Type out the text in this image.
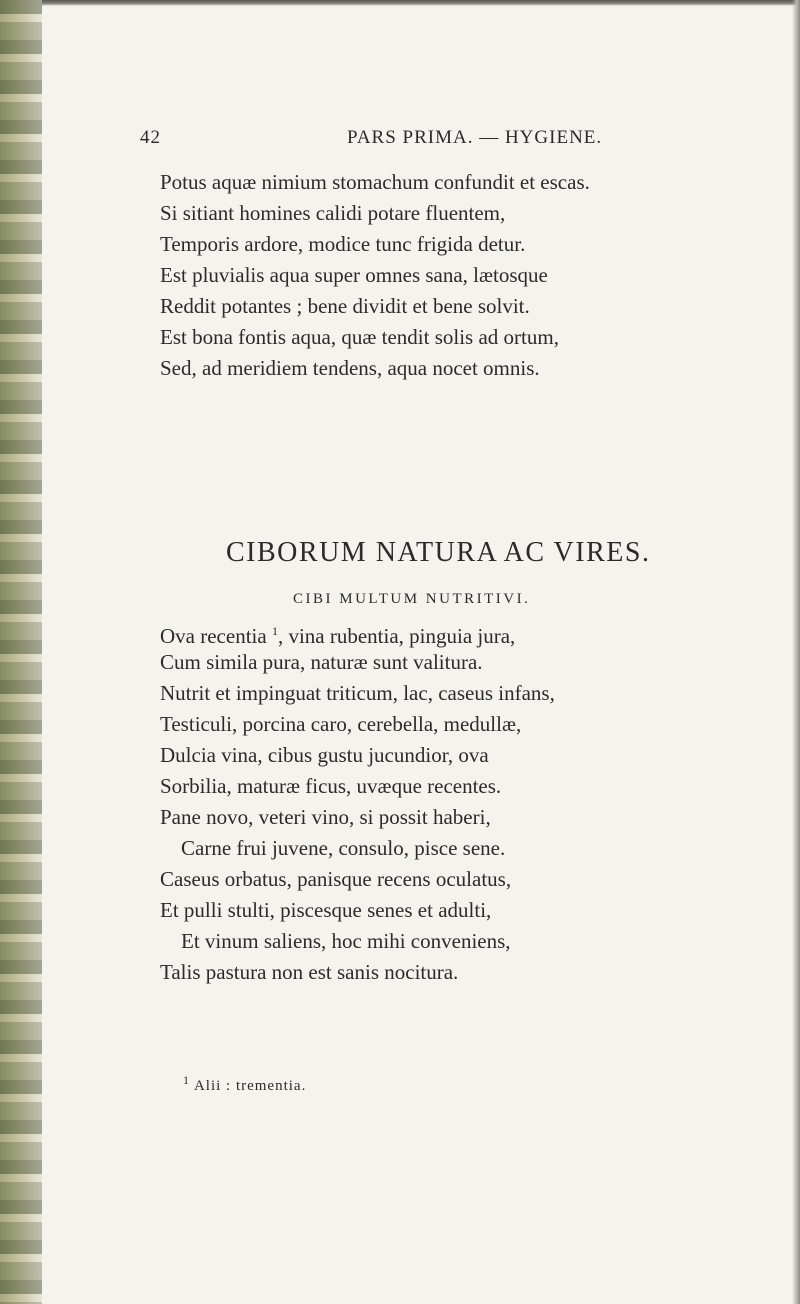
42	PARS PRIMA. — HYGIENE.
Potus aquæ nimium stomachum confundit et escas.
Si sitiant homines calidi potare fluentem,
Temporis ardore, modice tunc frigida detur.
Est pluvialis aqua super omnes sana, lætosque
Reddit potantes ; bene dividit et bene solvit.
Est bona fontis aqua, quæ tendit solis ad ortum,
Sed, ad meridiem tendens, aqua nocet omnis.
CIBORUM NATURA AC VIRES.
CIBI MULTUM NUTRITIVI.
Ova recentia $^1$, vina rubentia, pinguia jura,
Cum simila pura, naturæ sunt valitura.
Nutrit et impinguat triticum, lac, caseus infans,
Testiculi, porcina caro, cerebella, medullæ,
Dulcia vina, cibus gustu jucundior, ova
Sorbilia, maturæ ficus, uvæque recentes.
Pane novo, veteri vino, si possit haberi,
Carne frui juvene, consulo, pisce sene.
Caseus orbatus, panisque recens oculatus,
Et pulli stulti, piscesque senes et adulti,
Et vinum saliens, hoc mihi conveniens,
Talis pastura non est sanis nocitura.
$^1$ Alii : trementia.
